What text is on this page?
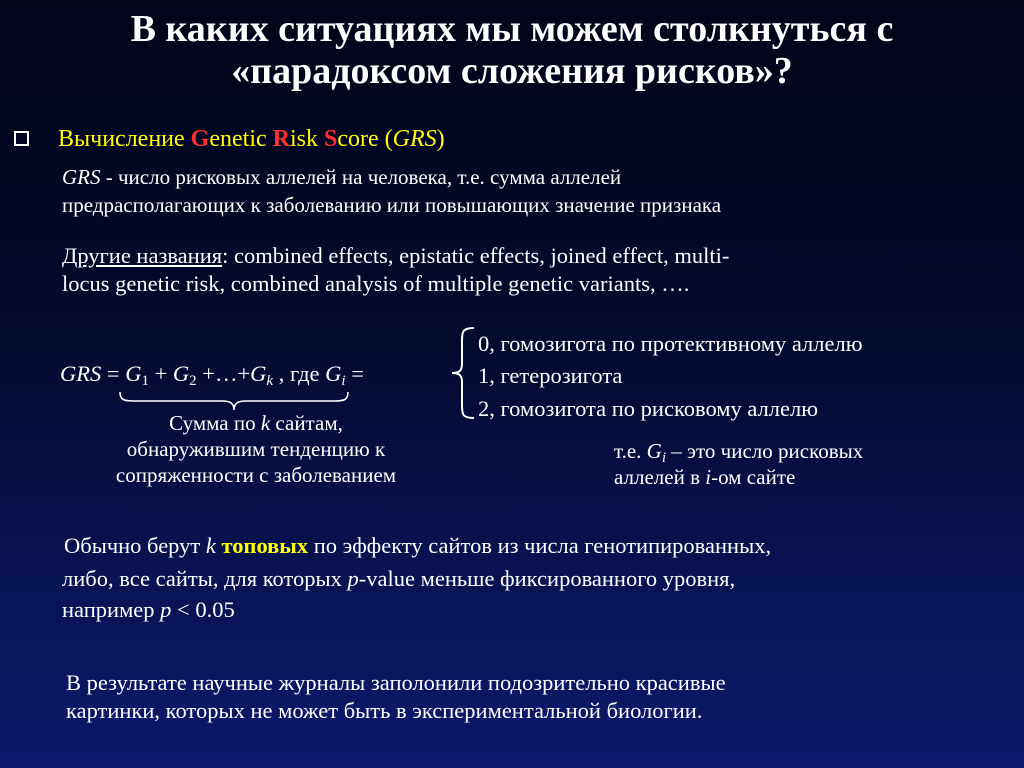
В каких ситуациях мы можем столкнуться с
«парадоксом сложения рисков»?
Вычисление Genetic Risk Score (GRS)
GRS - число рисковых аллелей на человека, т.е. сумма аллелей
предрасполагающих к заболеванию или повышающих значение признака
Другие названия: combined effects, epistatic effects, joined effect, multi-
locus genetic risk, combined analysis of multiple genetic variants, ….
GRS = $G_1 + G_2$ $+\dots+G_k$ , где $G_i$ =
0, гомозигота по протективному аллелю
1, гетерозигота
2, гомозигота по рисковому аллелю
Сумма по k сайтам,
обнаружившим тенденцию к
сопряженности с заболеванием
т.е. $G_i$ – это число рисковых
аллелей в i-ом сайте
Обычно берут k топовых по эффекту сайтов из числа генотипированных,
либо, все сайты, для которых p-value меньше фиксированного уровня,
например p < 0.05
В результате научные журналы заполонили подозрительно красивые
картинки, которых не может быть в экспериментальной биологии.
